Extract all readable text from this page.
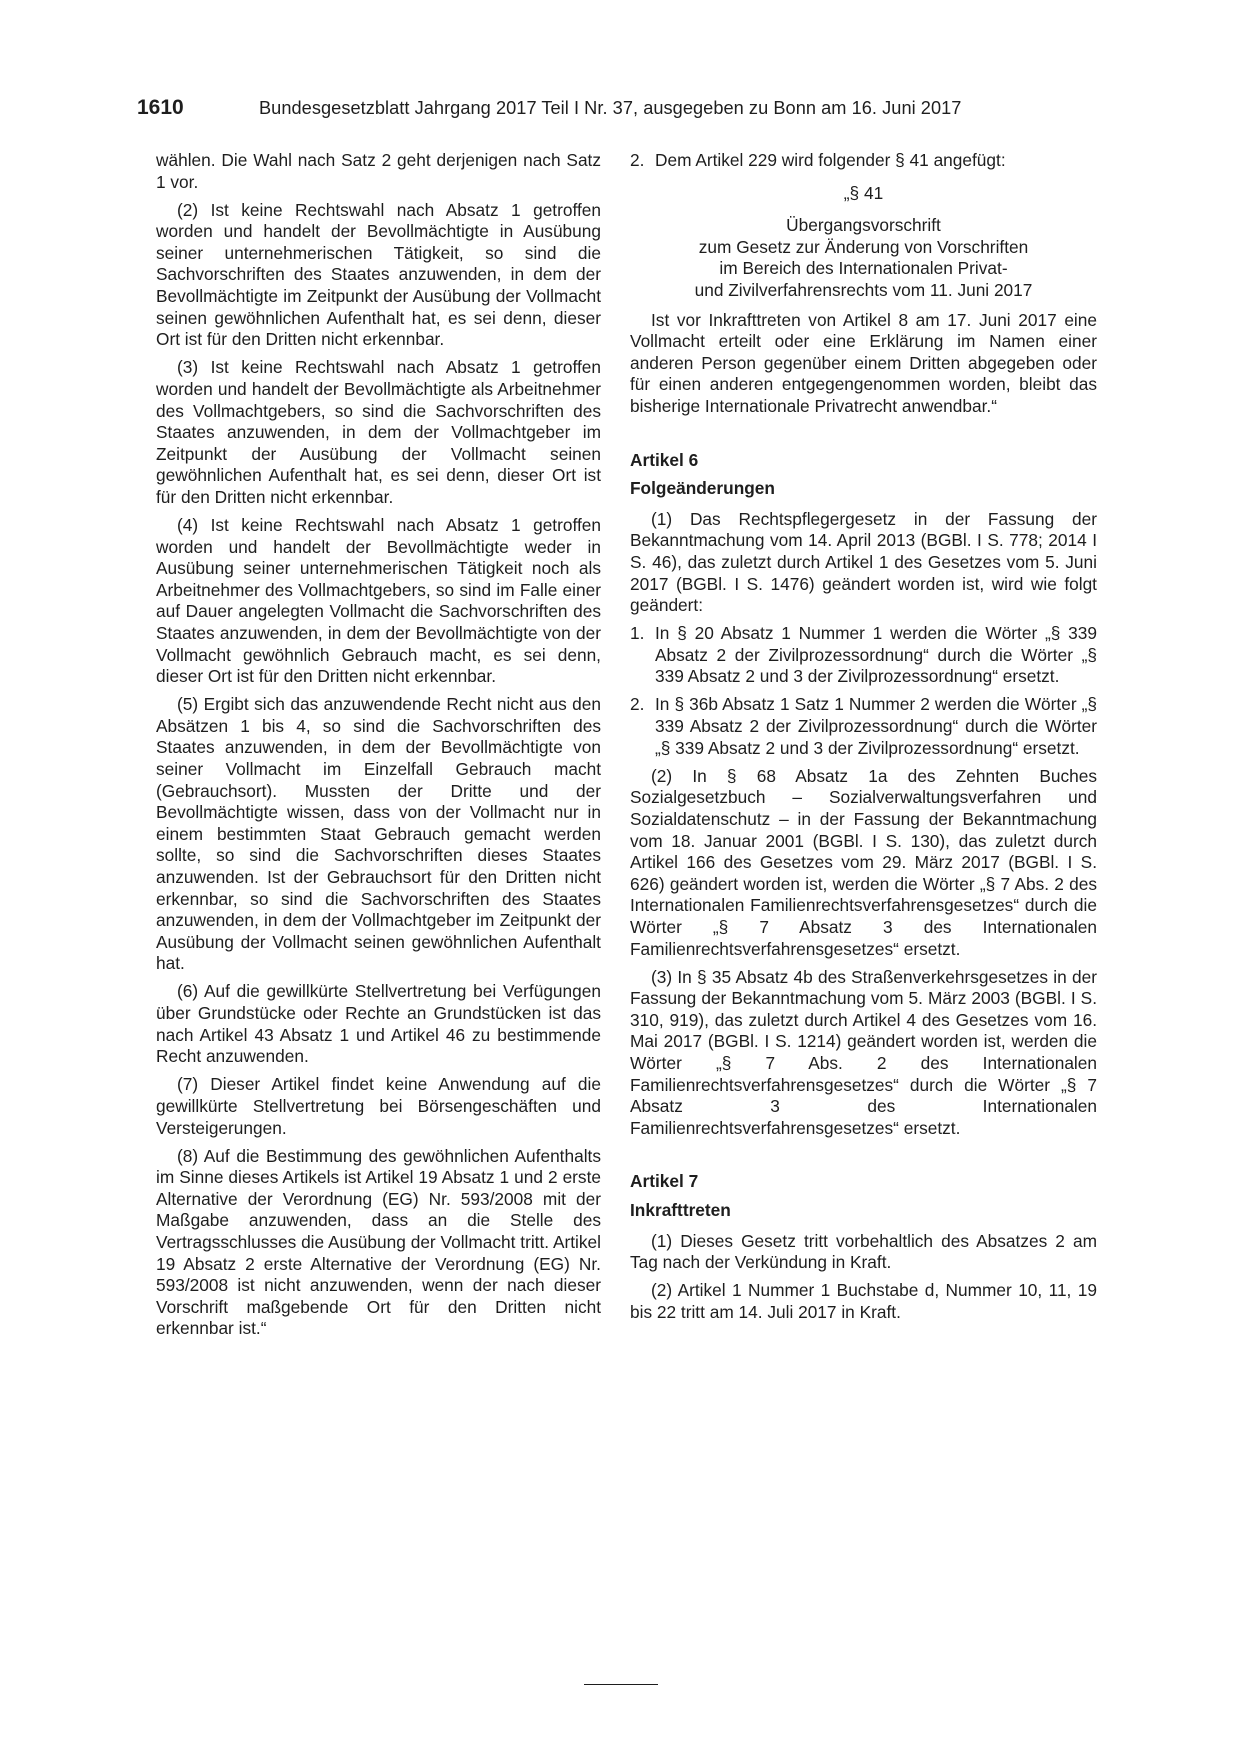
1610	Bundesgesetzblatt Jahrgang 2017 Teil I Nr. 37, ausgegeben zu Bonn am 16. Juni 2017

wählen. Die Wahl nach Satz 2 geht derjenigen nach Satz 1 vor.

(2) Ist keine Rechtswahl nach Absatz 1 getroffen worden und handelt der Bevollmächtigte in Ausübung seiner unternehmerischen Tätigkeit, so sind die Sachvorschriften des Staates anzuwenden, in dem der Bevollmächtigte im Zeitpunkt der Ausübung der Vollmacht seinen gewöhnlichen Aufenthalt hat, es sei denn, dieser Ort ist für den Dritten nicht erkennbar.

(3) Ist keine Rechtswahl nach Absatz 1 getroffen worden und handelt der Bevollmächtigte als Arbeitnehmer des Vollmachtgebers, so sind die Sachvorschriften des Staates anzuwenden, in dem der Vollmachtgeber im Zeitpunkt der Ausübung der Vollmacht seinen gewöhnlichen Aufenthalt hat, es sei denn, dieser Ort ist für den Dritten nicht erkennbar.

(4) Ist keine Rechtswahl nach Absatz 1 getroffen worden und handelt der Bevollmächtigte weder in Ausübung seiner unternehmerischen Tätigkeit noch als Arbeitnehmer des Vollmachtgebers, so sind im Falle einer auf Dauer angelegten Vollmacht die Sachvorschriften des Staates anzuwenden, in dem der Bevollmächtigte von der Vollmacht gewöhnlich Gebrauch macht, es sei denn, dieser Ort ist für den Dritten nicht erkennbar.

(5) Ergibt sich das anzuwendende Recht nicht aus den Absätzen 1 bis 4, so sind die Sachvorschriften des Staates anzuwenden, in dem der Bevollmächtigte von seiner Vollmacht im Einzelfall Gebrauch macht (Gebrauchsort). Mussten der Dritte und der Bevollmächtigte wissen, dass von der Vollmacht nur in einem bestimmten Staat Gebrauch gemacht werden sollte, so sind die Sachvorschriften dieses Staates anzuwenden. Ist der Gebrauchsort für den Dritten nicht erkennbar, so sind die Sachvorschriften des Staates anzuwenden, in dem der Vollmachtgeber im Zeitpunkt der Ausübung der Vollmacht seinen gewöhnlichen Aufenthalt hat.

(6) Auf die gewillkürte Stellvertretung bei Verfügungen über Grundstücke oder Rechte an Grundstücken ist das nach Artikel 43 Absatz 1 und Artikel 46 zu bestimmende Recht anzuwenden.

(7) Dieser Artikel findet keine Anwendung auf die gewillkürte Stellvertretung bei Börsengeschäften und Versteigerungen.

(8) Auf die Bestimmung des gewöhnlichen Aufenthalts im Sinne dieses Artikels ist Artikel 19 Absatz 1 und 2 erste Alternative der Verordnung (EG) Nr. 593/2008 mit der Maßgabe anzuwenden, dass an die Stelle des Vertragsschlusses die Ausübung der Vollmacht tritt. Artikel 19 Absatz 2 erste Alternative der Verordnung (EG) Nr. 593/2008 ist nicht anzuwenden, wenn der nach dieser Vorschrift maßgebende Ort für den Dritten nicht erkennbar ist.“

2. Dem Artikel 229 wird folgender § 41 angefügt:

„§ 41

Übergangsvorschrift

zum Gesetz zur Änderung von Vorschriften

im Bereich des Internationalen Privat-

und Zivilverfahrensrechts vom 11. Juni 2017

Ist vor Inkrafttreten von Artikel 8 am 17. Juni 2017 eine Vollmacht erteilt oder eine Erklärung im Namen einer anderen Person gegenüber einem Dritten abgegeben oder für einen anderen entgegengenommen worden, bleibt das bisherige Internationale Privatrecht anwendbar.“

Artikel 6

Folgeänderungen

(1) Das Rechtspflegergesetz in der Fassung der Bekanntmachung vom 14. April 2013 (BGBl. I S. 778; 2014 I S. 46), das zuletzt durch Artikel 1 des Gesetzes vom 5. Juni 2017 (BGBl. I S. 1476) geändert worden ist, wird wie folgt geändert:

1. In § 20 Absatz 1 Nummer 1 werden die Wörter „§ 339 Absatz 2 der Zivilprozessordnung“ durch die Wörter „§ 339 Absatz 2 und 3 der Zivilprozessordnung“ ersetzt.
2. In § 36b Absatz 1 Satz 1 Nummer 2 werden die Wörter „§ 339 Absatz 2 der Zivilprozessordnung“ durch die Wörter „§ 339 Absatz 2 und 3 der Zivilprozessordnung“ ersetzt.

(2) In § 68 Absatz 1a des Zehnten Buches Sozialgesetzbuch – Sozialverwaltungsverfahren und Sozialdatenschutz – in der Fassung der Bekanntmachung vom 18. Januar 2001 (BGBl. I S. 130), das zuletzt durch Artikel 166 des Gesetzes vom 29. März 2017 (BGBl. I S. 626) geändert worden ist, werden die Wörter „§ 7 Abs. 2 des Internationalen Familienrechtsverfahrensgesetzes“ durch die Wörter „§ 7 Absatz 3 des Internationalen Familienrechtsverfahrensgesetzes“ ersetzt.

(3) In § 35 Absatz 4b des Straßenverkehrsgesetzes in der Fassung der Bekanntmachung vom 5. März 2003 (BGBl. I S. 310, 919), das zuletzt durch Artikel 4 des Gesetzes vom 16. Mai 2017 (BGBl. I S. 1214) geändert worden ist, werden die Wörter „§ 7 Abs. 2 des Internationalen Familienrechtsverfahrensgesetzes“ durch die Wörter „§ 7 Absatz 3 des Internationalen Familienrechtsverfahrensgesetzes“ ersetzt.

Artikel 7

Inkrafttreten

(1) Dieses Gesetz tritt vorbehaltlich des Absatzes 2 am Tag nach der Verkündung in Kraft.

(2) Artikel 1 Nummer 1 Buchstabe d, Nummer 10, 11, 19 bis 22 tritt am 14. Juli 2017 in Kraft.
